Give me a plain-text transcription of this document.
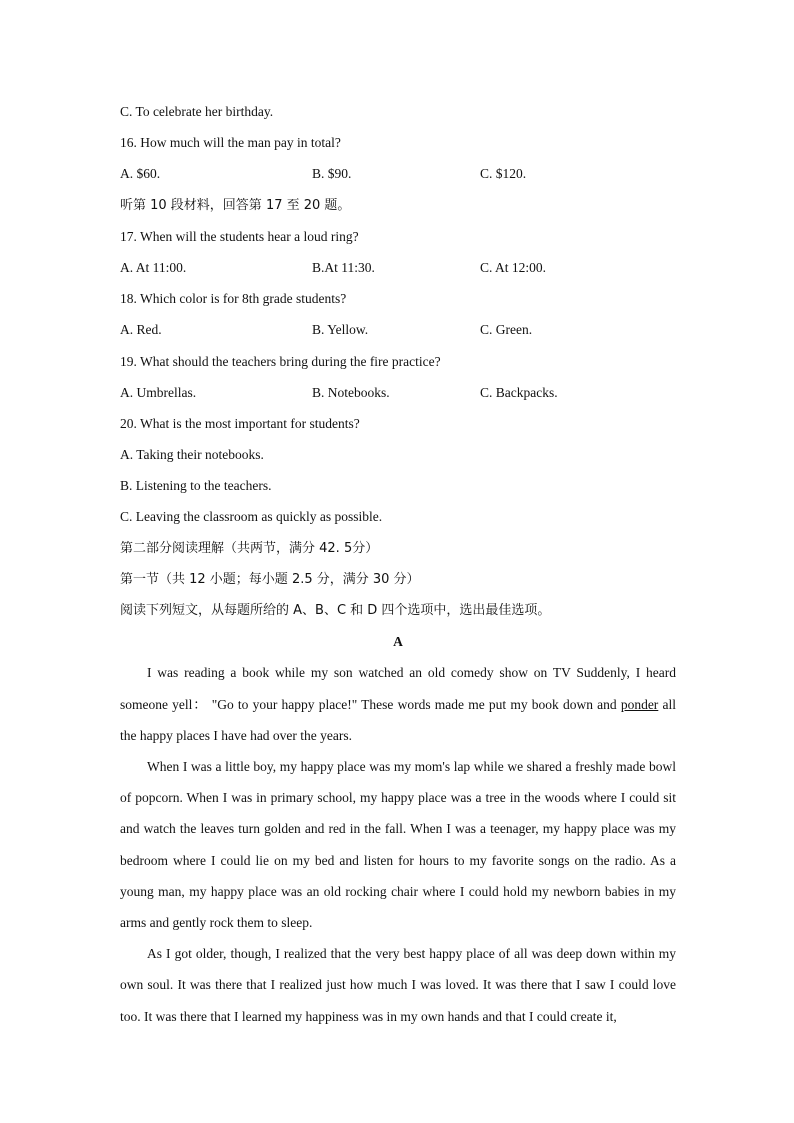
C. To celebrate her birthday.
16. How much will the man pay in total?
A. $60.	B. $90.	C. $120.
听第 10 段材料，回答第 17 至 20 题。
17. When will the students hear a loud ring?
A. At 11:00.	B.At 11:30.	C. At 12:00.
18. Which color is for 8th grade students?
A. Red.	B. Yellow.	C. Green.
19. What should the teachers bring during the fire practice?
A. Umbrellas.	B. Notebooks.	C. Backpacks.
20. What is the most important for students?
A. Taking their notebooks.
B. Listening to the teachers.
C. Leaving the classroom as quickly as possible.
第二部分阅读理解（共两节，满分 42. 5分）
第一节（共 12 小题；每小题 2.5 分，满分 30 分）
阅读下列短文，从每题所给的 A、B、C 和 D 四个选项中，选出最佳选项。
A

I was reading a book while my son watched an old comedy show on TV Suddenly, I heard someone yell： "Go to your happy place!" These words made me put my book down and ponder all the happy places I have had over the years.

When I was a little boy, my happy place was my mom's lap while we shared a freshly made bowl of popcorn. When I was in primary school, my happy place was a tree in the woods where I could sit and watch the leaves turn golden and red in the fall. When I was a teenager, my happy place was my bedroom where I could lie on my bed and listen for hours to my favorite songs on the radio. As a young man, my happy place was an old rocking chair where I could hold my newborn babies in my arms and gently rock them to sleep.

As I got older, though, I realized that the very best happy place of all was deep down within my own soul. It was there that I realized just how much I was loved. It was there that I saw I could love too. It was there that I learned my happiness was in my own hands and that I could create it,
